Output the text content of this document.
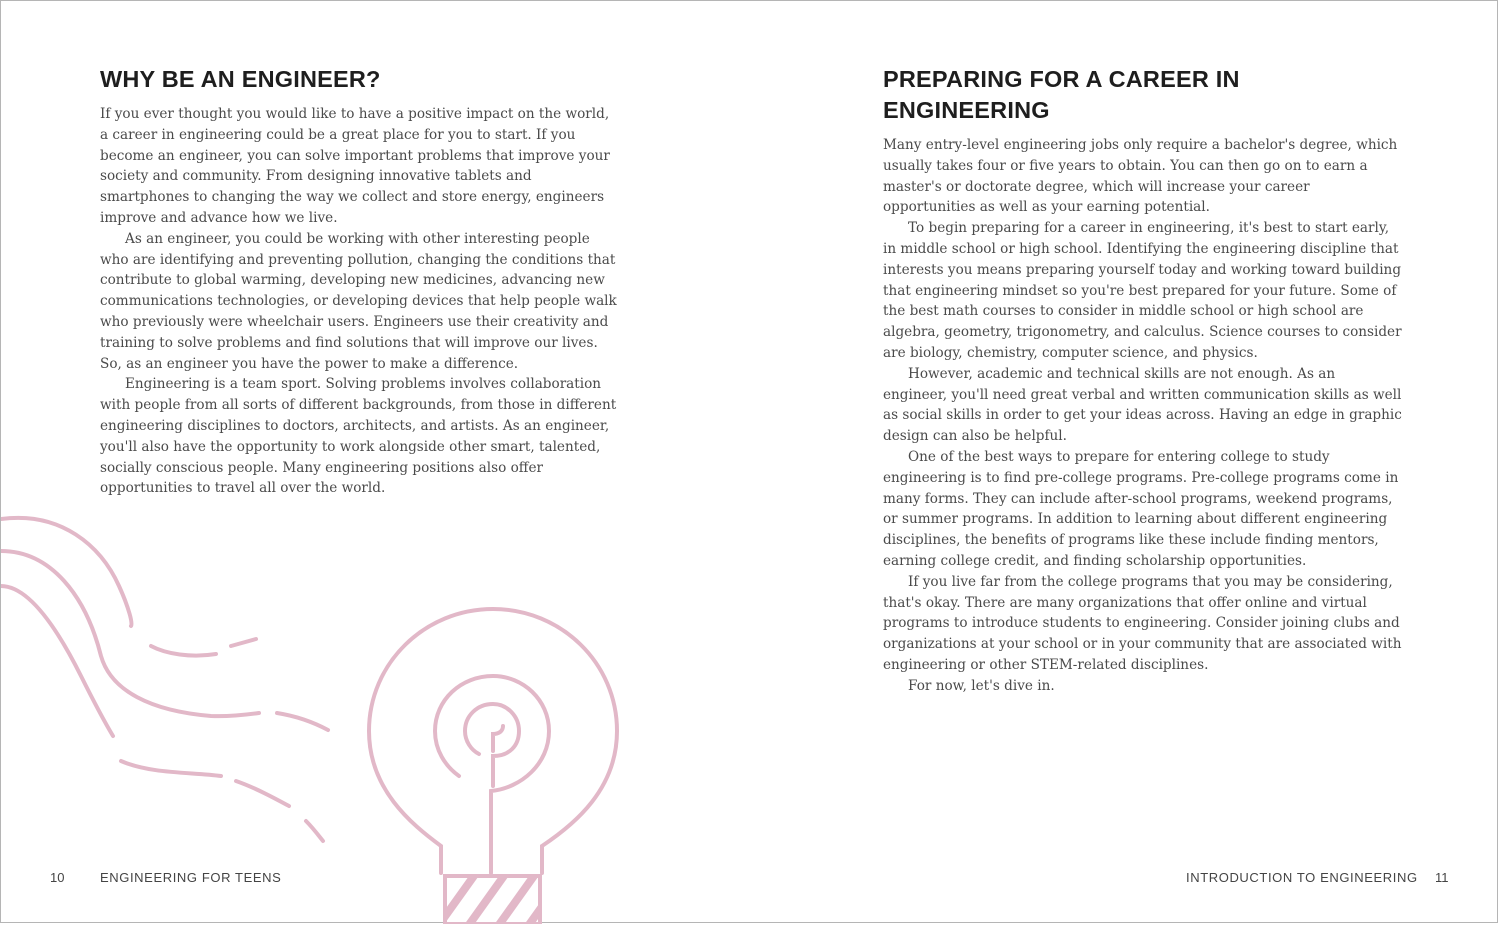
WHY BE AN ENGINEER?

If you ever thought you would like to have a positive impact on the world, a career in engineering could be a great place for you to start. If you become an engineer, you can solve important problems that improve your society and community. From designing innovative tablets and smartphones to changing the way we collect and store energy, engineers improve and advance how we live.

As an engineer, you could be working with other interesting people who are identifying and preventing pollution, changing the conditions that contribute to global warming, developing new medicines, advancing new communications technologies, or developing devices that help people walk who previously were wheelchair users. Engineers use their creativity and training to solve problems and find solutions that will improve our lives. So, as an engineer you have the power to make a difference.

Engineering is a team sport. Solving problems involves collaboration with people from all sorts of different backgrounds, from those in different engineering disciplines to doctors, architects, and artists. As an engineer, you'll also have the opportunity to work alongside other smart, talented, socially conscious people. Many engineering positions also offer opportunities to travel all over the world.

10	ENGINEERING FOR TEENS
PREPARING FOR A CAREER IN ENGINEERING

Many entry-level engineering jobs only require a bachelor's degree, which usually takes four or five years to obtain. You can then go on to earn a master's or doctorate degree, which will increase your career opportunities as well as your earning potential.

To begin preparing for a career in engineering, it's best to start early, in middle school or high school. Identifying the engineering discipline that interests you means preparing yourself today and working toward building that engineering mindset so you're best prepared for your future. Some of the best math courses to consider in middle school or high school are algebra, geometry, trigonometry, and calculus. Science courses to consider are biology, chemistry, computer science, and physics.

However, academic and technical skills are not enough. As an engineer, you'll need great verbal and written communication skills as well as social skills in order to get your ideas across. Having an edge in graphic design can also be helpful.

One of the best ways to prepare for entering college to study engineering is to find pre-college programs. Pre-college programs come in many forms. They can include after-school programs, weekend programs, or summer programs. In addition to learning about different engineering disciplines, the benefits of programs like these include finding mentors, earning college credit, and finding scholarship opportunities.

If you live far from the college programs that you may be considering, that's okay. There are many organizations that offer online and virtual programs to introduce students to engineering. Consider joining clubs and organizations at your school or in your community that are associated with engineering or other STEM-related disciplines.

For now, let's dive in.

INTRODUCTION TO ENGINEERING 11
